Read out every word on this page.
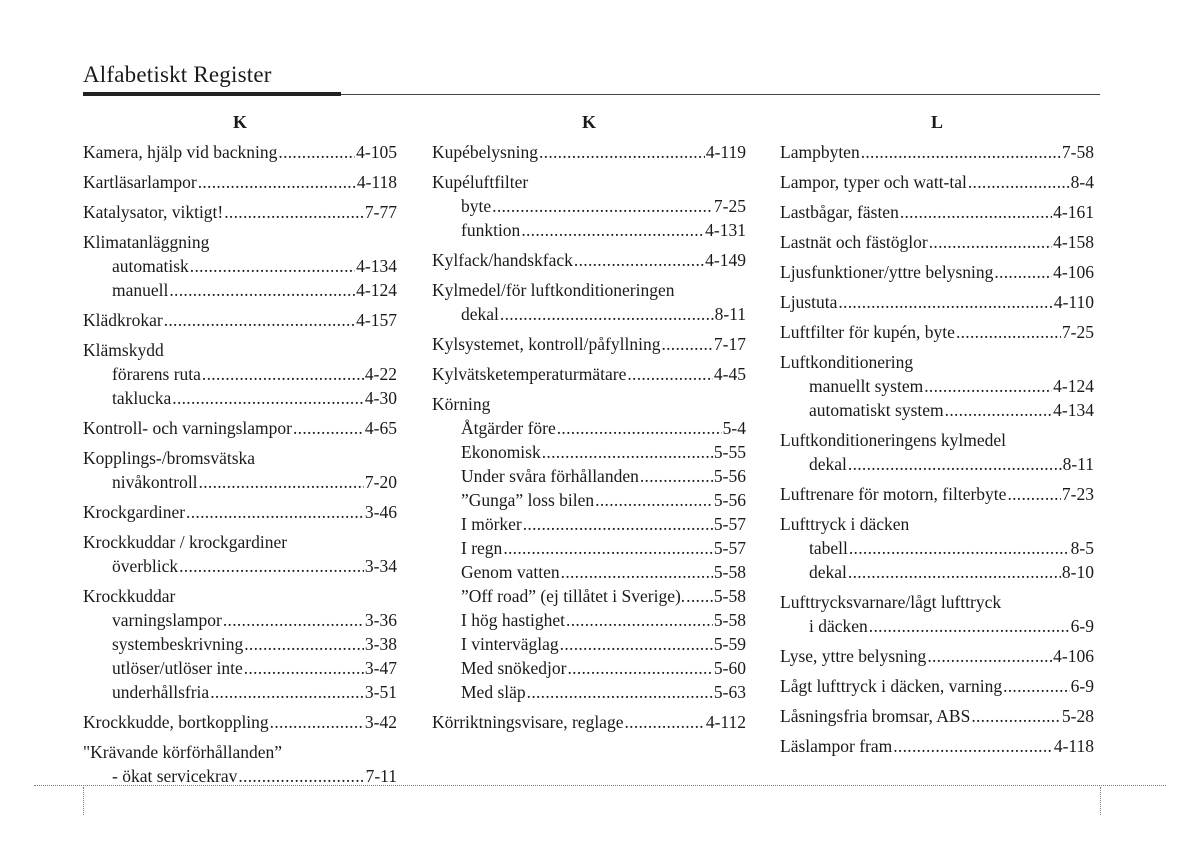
Alfabetiskt Register
K
Kamera, hjälp vid backning .....	4-105
Kartläsarlampor .....	4-118
Katalysator, viktigt! .....	7-77
Klimatanläggning
automatisk .....	4-134
manuell .....	4-124
Klädkrokar .....	4-157
Klämskydd
förarens ruta .....	4-22
taklucka .....	4-30
Kontroll- och varningslampor .....	4-65
Kopplings-/bromsvätska
nivåkontroll .....	7-20
Krockgardiner .....	3-46
Krockkuddar / krockgardiner
överblick .....	3-34
Krockkuddar
varningslampor .....	3-36
systembeskrivning .....	3-38
utlöser/utlöser inte .....	3-47
underhållsfria .....	3-51
Krockkudde, bortkoppling .....	3-42
"Krävande körförhållanden”
- ökat servicekrav .....	7-11
K
Kupébelysning .....	4-119
Kupéluftfilter
byte .....	7-25
funktion .....	4-131
Kylfack/handskfack .....	4-149
Kylmedel/för luftkonditioneringen
dekal .....	8-11
Kylsystemet, kontroll/påfyllning .....	7-17
Kylvätsketemperaturmätare .....	4-45
Körning
Åtgärder före .....	5-4
Ekonomisk .....	5-55
Under svåra förhållanden .....	5-56
”Gunga” loss bilen .....	5-56
I mörker .....	5-57
I regn .....	5-57
Genom vatten .....	5-58
”Off road” (ej tillåtet i Sverige). ..... 5-58
I hög hastighet .....	5-58
I vinterväglag .....	5-59
Med snökedjor .....	5-60
Med släp .....	5-63
Körriktningsvisare, reglage .....	4-112
L
Lampbyten .....	7-58
Lampor, typer och watt-tal .....	8-4
Lastbågar, fästen .....	4-161
Lastnät och fästöglor .....	4-158
Ljusfunktioner/yttre belysning .....	4-106
Ljustuta .....	4-110
Luftfilter för kupén, byte .....	7-25
Luftkonditionering
manuellt system .....	4-124
automatiskt system .....	4-134
Luftkonditioneringens kylmedel
dekal .....	8-11
Luftrenare för motorn, filterbyte .....	7-23
Lufttryck i däcken
tabell .....	8-5
dekal .....	8-10
Lufttrycksvarnare/lågt lufttryck
i däcken .....	6-9
Lyse, yttre belysning .....	4-106
Lågt lufttryck i däcken, varning .....	6-9
Låsningsfria bromsar, ABS .....	5-28
Läslampor fram .....	4-118
